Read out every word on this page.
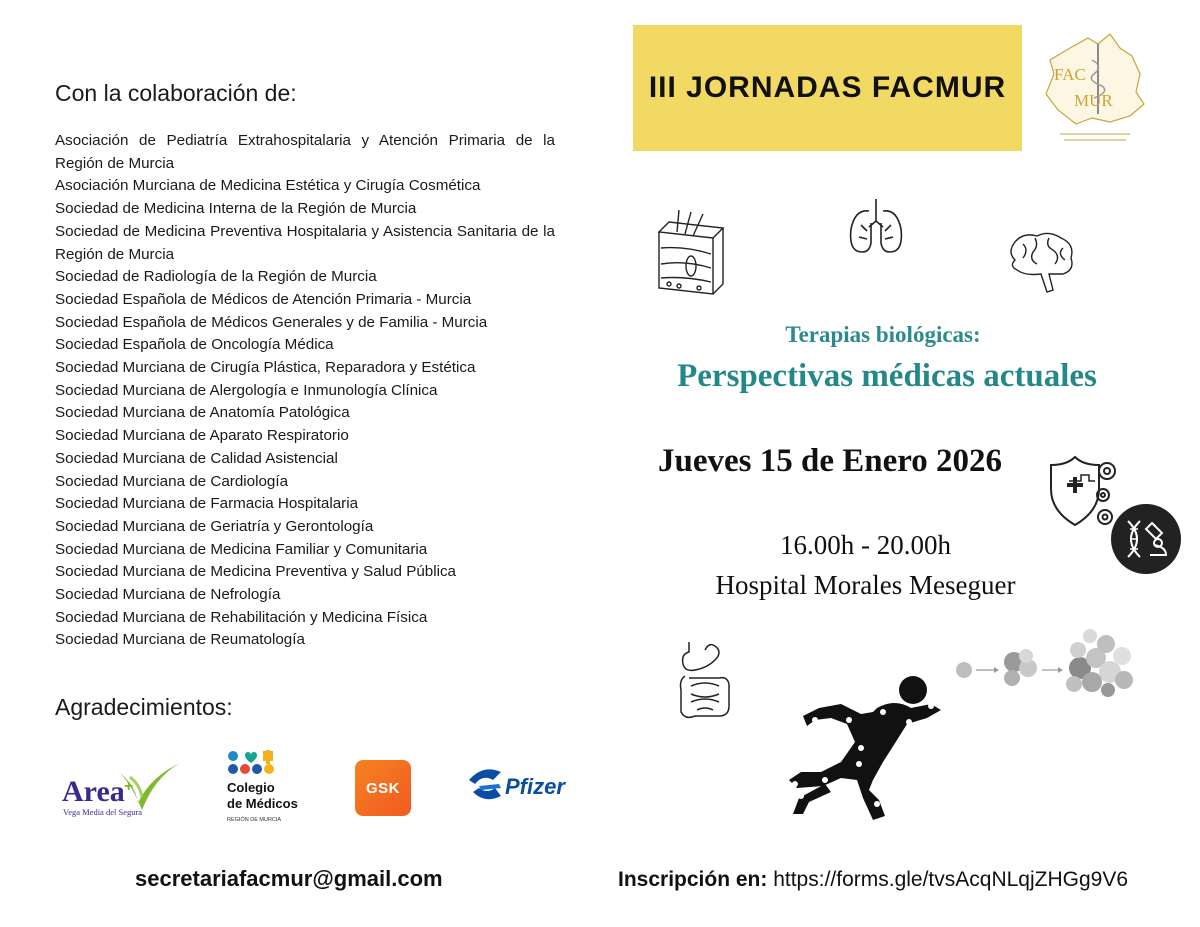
Con la colaboración de:
Asociación de Pediatría Extrahospitalaria y Atención Primaria de la Región de Murcia
Asociación Murciana de Medicina Estética y Cirugía Cosmética
Sociedad de Medicina Interna de la Región de Murcia
Sociedad de Medicina Preventiva Hospitalaria y Asistencia Sanitaria de la Región de Murcia
Sociedad de Radiología de la Región de Murcia
Sociedad Española de Médicos de Atención Primaria - Murcia
Sociedad Española de Médicos Generales y de Familia - Murcia
Sociedad Española de Oncología Médica
Sociedad Murciana de Cirugía Plástica, Reparadora y Estética
Sociedad Murciana de Alergología e Inmunología Clínica
Sociedad Murciana de Anatomía Patológica
Sociedad Murciana de Aparato Respiratorio
Sociedad Murciana de Calidad Asistencial
Sociedad Murciana de Cardiología
Sociedad Murciana de Farmacia Hospitalaria
Sociedad Murciana de Geriatría y Gerontología
Sociedad Murciana de Medicina Familiar y Comunitaria
Sociedad Murciana de Medicina Preventiva y Salud Pública
Sociedad Murciana de Nefrología
Sociedad Murciana de Rehabilitación y Medicina Física
Sociedad Murciana de Reumatología
Agradecimientos:
Area +
Vega Media del Segura
Colegio
de Médicos
REGIÓN DE MURCIA
GSK	Pfizer
secretariafacmur@gmail.com
III JORNADAS FACMUR	FAC
MUR
Terapias biológicas:
Perspectivas médicas actuales
Jueves 15 de Enero 2026
16.00h - 20.00h
Hospital Morales Meseguer
Inscripción en: https://forms.gle/tvsAcqNLqjZHGg9V6
